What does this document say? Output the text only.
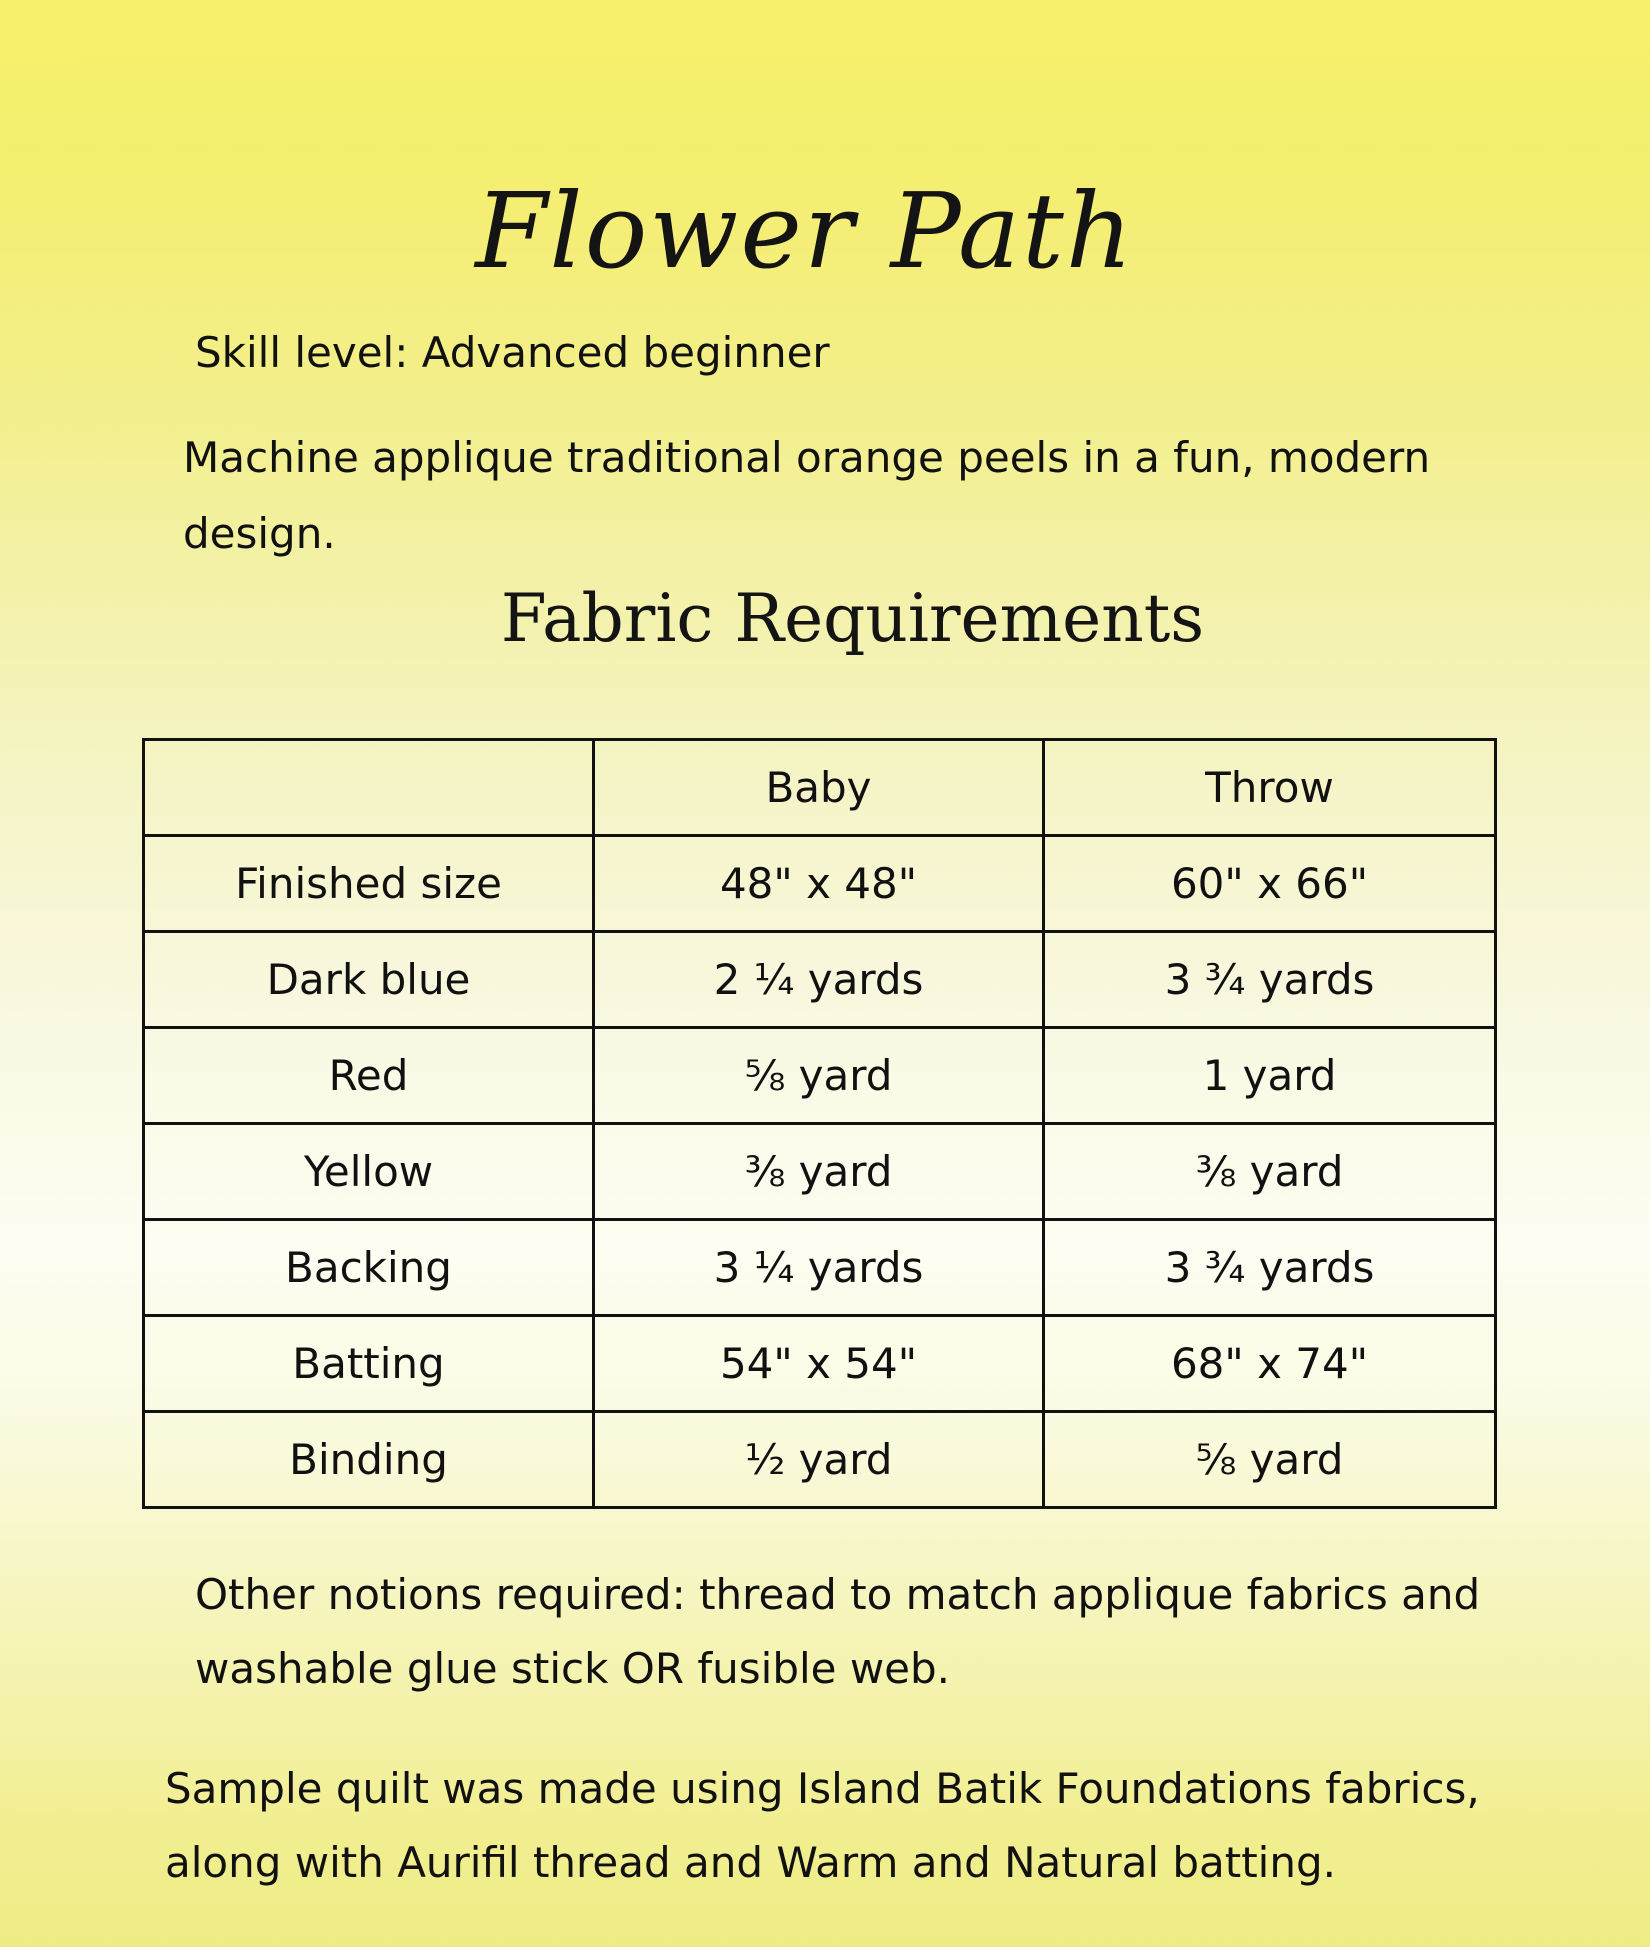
Flower Path
Skill level: Advanced beginner
Machine applique traditional orange peels in a fun, modern design.
Fabric Requirements
	Baby	Throw
Finished size	48" x 48"	60" x 66"
Dark blue	2 ¼ yards	3 ¾ yards
Red	⅝ yard	1 yard
Yellow	⅜ yard	⅜ yard
Backing	3 ¼ yards	3 ¾ yards
Batting	54" x 54"	68" x 74"
Binding	½ yard	⅝ yard
Other notions required: thread to match applique fabrics and washable glue stick OR fusible web.
Sample quilt was made using Island Batik Foundations fabrics, along with Aurifil thread and Warm and Natural batting.
